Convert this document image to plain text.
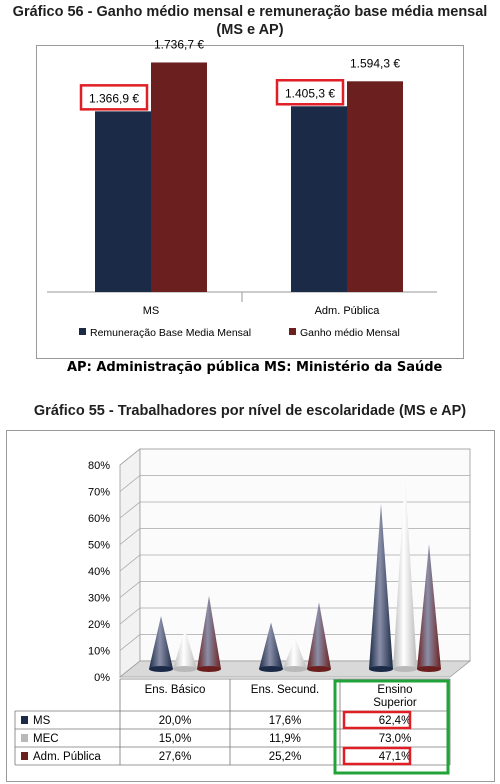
Gráfico 56 - Ganho médio mensal e remuneração base média mensal (MS e AP)
1.366,9 €
1.736,7 €
MS
1.405,3 €
1.594,3 €
Adm. Pública
Remuneração Base Media Mensal	Ganho médio Mensal
AP: Administração pública MS: Ministério da Saúde
Gráfico 55 - Trabalhadores por nível de escolaridade (MS e AP)
0%
10%
20%
30%
40%
50%
60%
70%
80%
Ens. Básico	Ens. Secund.	Ensino
Superior
MS	20,0%	17,6%	62,4%
MEC	15,0%	11,9%	73,0%
Adm. Pública	27,6%	25,2%	47,1%
